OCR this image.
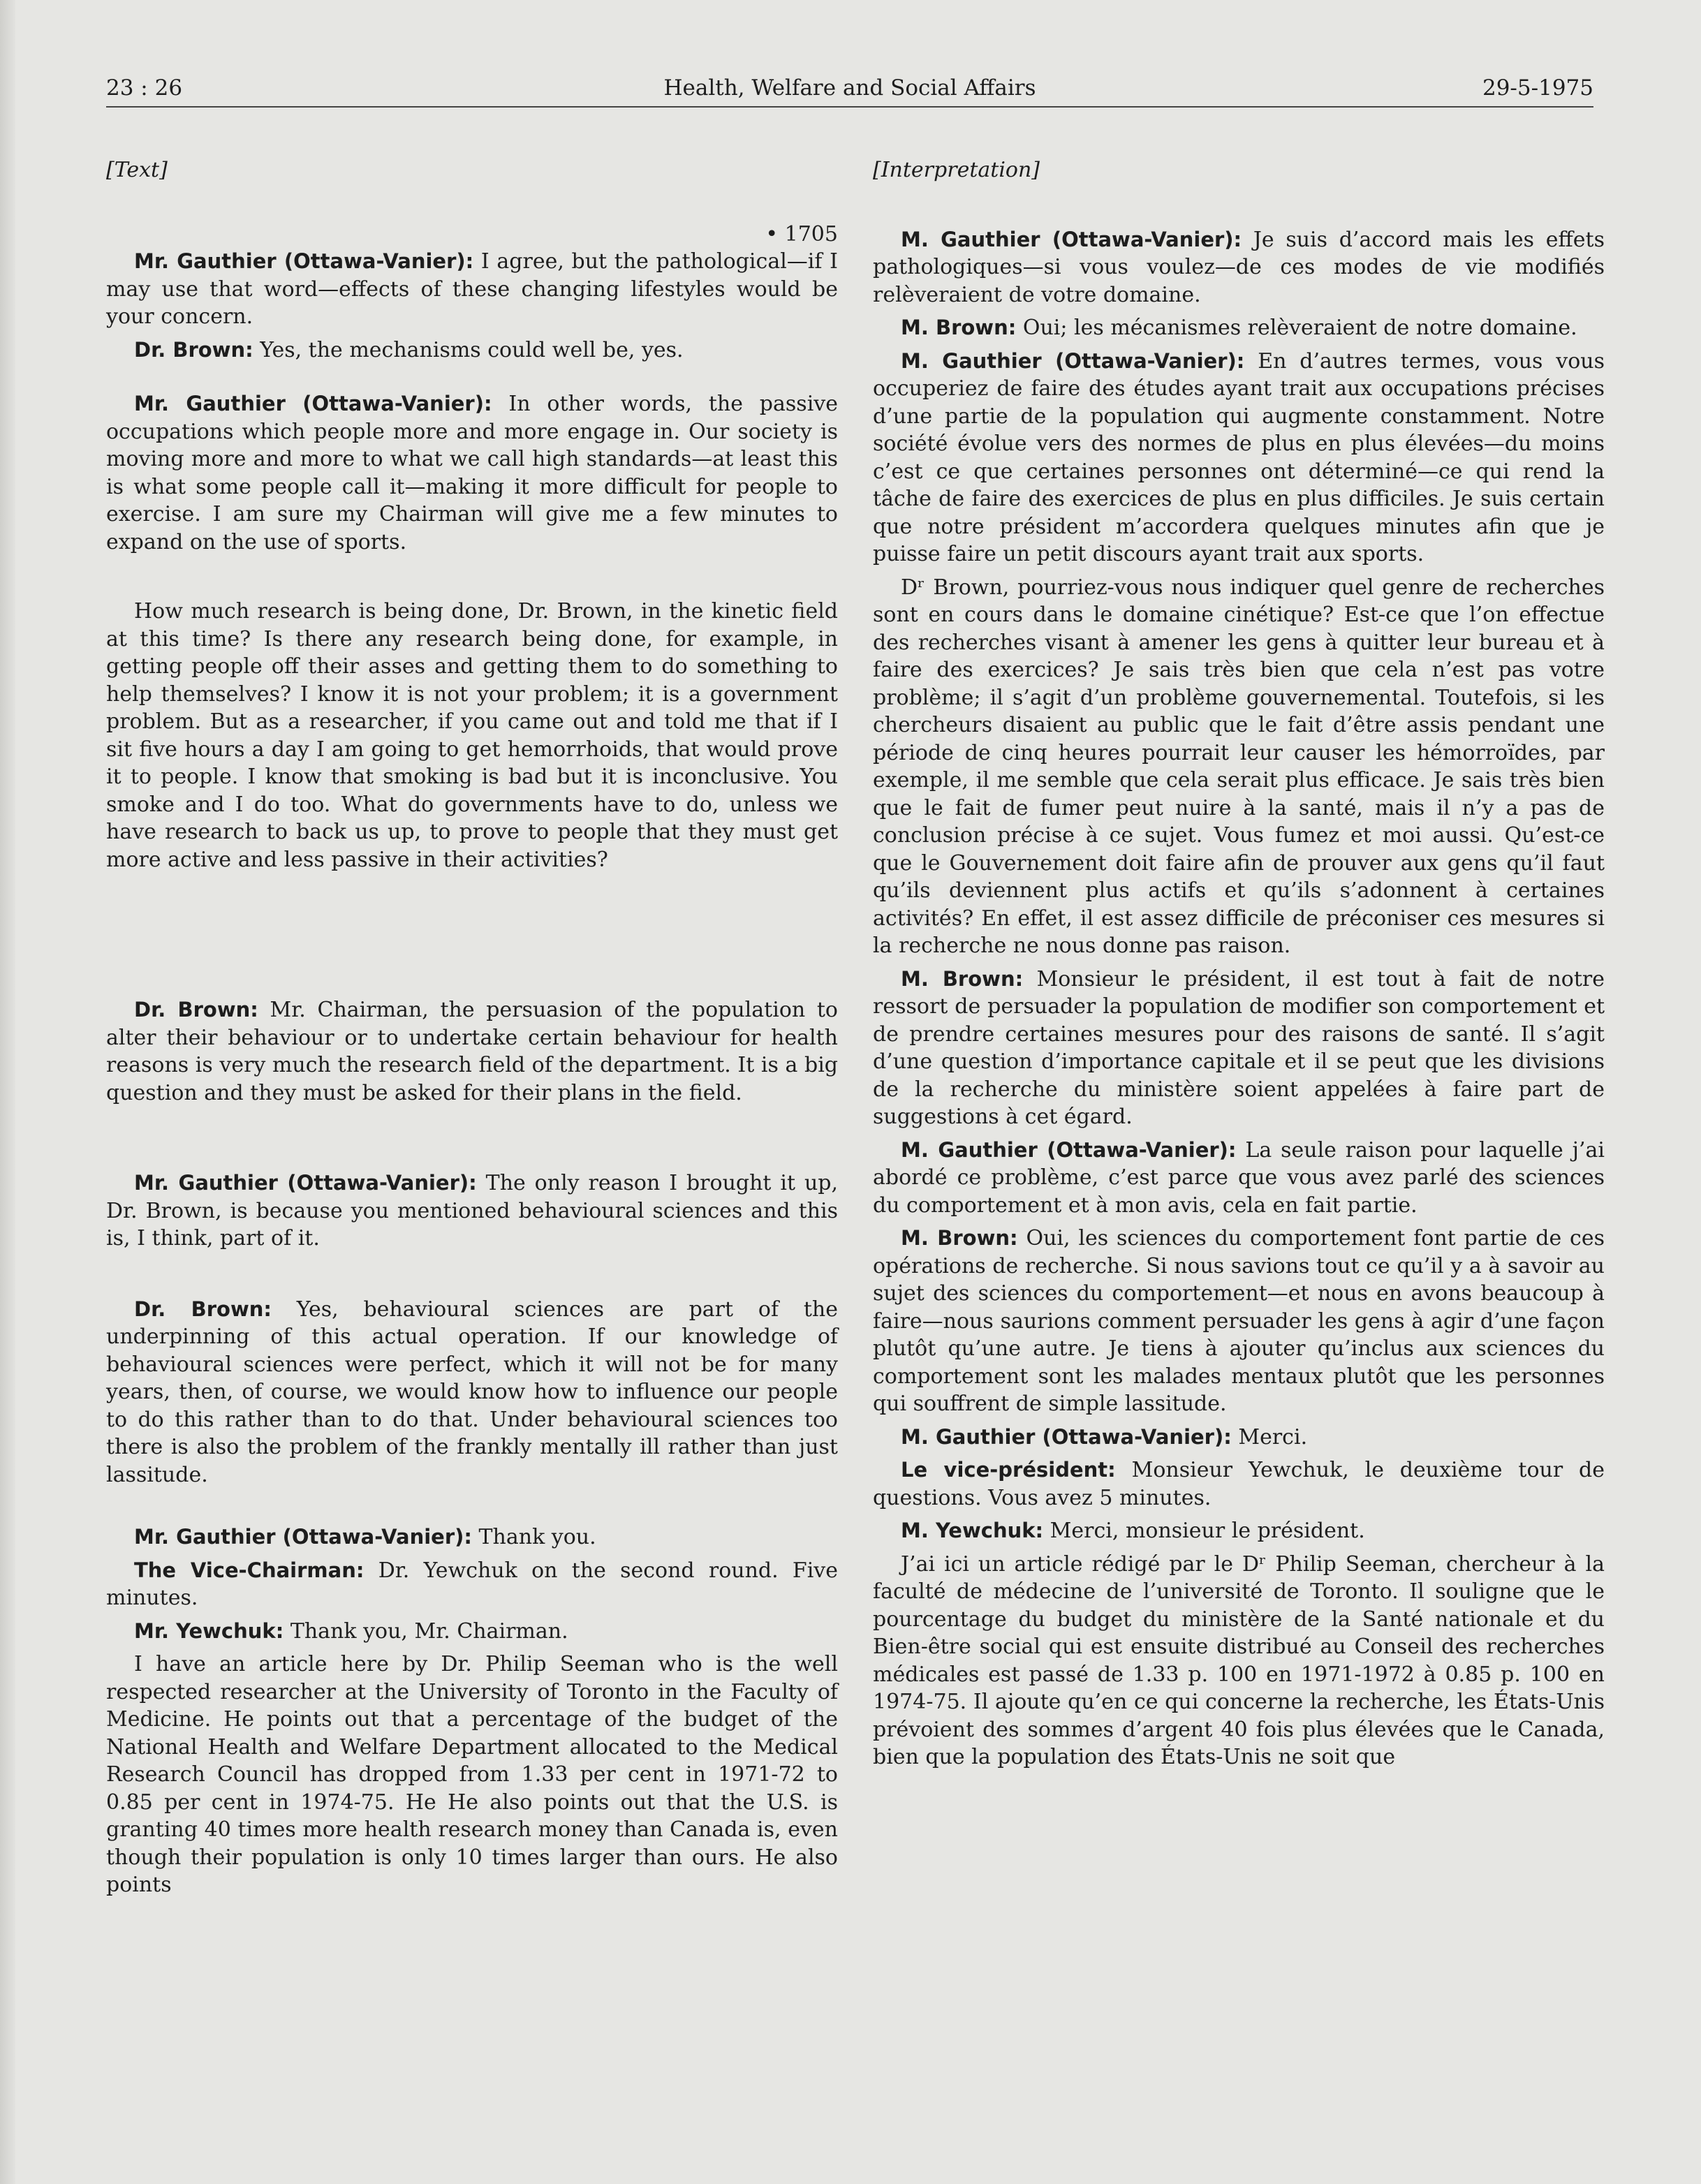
Health, Welfare and Social Affairs
23 : 26	29-5-1975
[Text]
• 1705

Mr. Gauthier (Ottawa-Vanier): I agree, but the pathological—if I may use that word—effects of these changing lifestyles would be your concern.

Dr. Brown: Yes, the mechanisms could well be, yes.

Mr. Gauthier (Ottawa-Vanier): In other words, the passive occupations which people more and more engage in. Our society is moving more and more to what we call high standards—at least this is what some people call it—making it more difficult for people to exercise. I am sure my Chairman will give me a few minutes to expand on the use of sports.

How much research is being done, Dr. Brown, in the kinetic field at this time? Is there any research being done, for example, in getting people off their asses and getting them to do something to help themselves? I know it is not your problem; it is a government problem. But as a researcher, if you came out and told me that if I sit five hours a day I am going to get hemorrhoids, that would prove it to people. I know that smoking is bad but it is inconclusive. You smoke and I do too. What do governments have to do, unless we have research to back us up, to prove to people that they must get more active and less passive in their activities?

Dr. Brown: Mr. Chairman, the persuasion of the population to alter their behaviour or to undertake certain behaviour for health reasons is very much the research field of the department. It is a big question and they must be asked for their plans in the field.

Mr. Gauthier (Ottawa-Vanier): The only reason I brought it up, Dr. Brown, is because you mentioned behavioural sciences and this is, I think, part of it.

Dr. Brown: Yes, behavioural sciences are part of the underpinning of this actual operation. If our knowledge of behavioural sciences were perfect, which it will not be for many years, then, of course, we would know how to influence our people to do this rather than to do that. Under behavioural sciences too there is also the problem of the frankly mentally ill rather than just lassitude.

Mr. Gauthier (Ottawa-Vanier): Thank you.

The Vice-Chairman: Dr. Yewchuk on the second round. Five minutes.

Mr. Yewchuk: Thank you, Mr. Chairman.

I have an article here by Dr. Philip Seeman who is the well respected researcher at the University of Toronto in the Faculty of Medicine. He points out that a percentage of the budget of the National Health and Welfare Department allocated to the Medical Research Council has dropped from 1.33 per cent in 1971-72 to 0.85 per cent in 1974-75. He He also points out that the U.S. is granting 40 times more health research money than Canada is, even though their population is only 10 times larger than ours. He also points

[Interpretation]

M. Gauthier (Ottawa-Vanier): Je suis d’accord mais les effets pathologiques—si vous voulez—de ces modes de vie modifiés relèveraient de votre domaine.

M. Brown: Oui; les mécanismes relèveraient de notre domaine.

M. Gauthier (Ottawa-Vanier): En d’autres termes, vous vous occuperiez de faire des études ayant trait aux occupations précises d’une partie de la population qui augmente constamment. Notre société évolue vers des normes de plus en plus élevées—du moins c’est ce que certaines personnes ont déterminé—ce qui rend la tâche de faire des exercices de plus en plus difficiles. Je suis certain que notre président m’accordera quelques minutes afin que je puisse faire un petit discours ayant trait aux sports.

Dʳ Brown, pourriez-vous nous indiquer quel genre de recherches sont en cours dans le domaine cinétique? Est-ce que l’on effectue des recherches visant à amener les gens à quitter leur bureau et à faire des exercices? Je sais très bien que cela n’est pas votre problème; il s’agit d’un problème gouvernemental. Toutefois, si les chercheurs disaient au public que le fait d’être assis pendant une période de cinq heures pourrait leur causer les hémorroïdes, par exemple, il me semble que cela serait plus efficace. Je sais très bien que le fait de fumer peut nuire à la santé, mais il n’y a pas de conclusion précise à ce sujet. Vous fumez et moi aussi. Qu’est-ce que le Gouvernement doit faire afin de prouver aux gens qu’il faut qu’ils deviennent plus actifs et qu’ils s’adonnent à certaines activités? En effet, il est assez difficile de préconiser ces mesures si la recherche ne nous donne pas raison.

M. Brown: Monsieur le président, il est tout à fait de notre ressort de persuader la population de modifier son comportement et de prendre certaines mesures pour des raisons de santé. Il s’agit d’une question d’importance capitale et il se peut que les divisions de la recherche du ministère soient appelées à faire part de suggestions à cet égard.

M. Gauthier (Ottawa-Vanier): La seule raison pour laquelle j’ai abordé ce problème, c’est parce que vous avez parlé des sciences du comportement et à mon avis, cela en fait partie.

M. Brown: Oui, les sciences du comportement font partie de ces opérations de recherche. Si nous savions tout ce qu’il y a à savoir au sujet des sciences du comportement—et nous en avons beaucoup à faire—nous saurions comment persuader les gens à agir d’une façon plutôt qu’une autre. Je tiens à ajouter qu’inclus aux sciences du comportement sont les malades mentaux plutôt que les personnes qui souffrent de simple lassitude.

M. Gauthier (Ottawa-Vanier): Merci.

Le vice-président: Monsieur Yewchuk, le deuxième tour de questions. Vous avez 5 minutes.

M. Yewchuk: Merci, monsieur le président.

J’ai ici un article rédigé par le Dʳ Philip Seeman, chercheur à la faculté de médecine de l’université de Toronto. Il souligne que le pourcentage du budget du ministère de la Santé nationale et du Bien-être social qui est ensuite distribué au Conseil des recherches médicales est passé de 1.33 p. 100 en 1971-1972 à 0.85 p. 100 en 1974-75. Il ajoute qu’en ce qui concerne la recherche, les États-Unis prévoient des sommes d’argent 40 fois plus élevées que le Canada, bien que la population des États-Unis ne soit que
